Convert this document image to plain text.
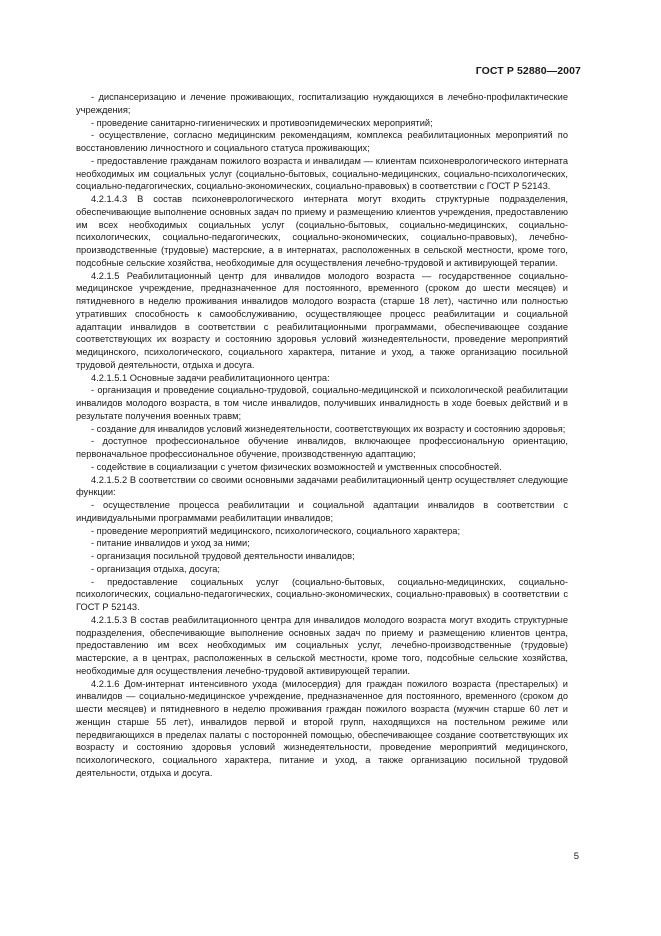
ГОСТ Р 52880—2007

- диспансеризацию и лечение проживающих, госпитализацию нуждающихся в лечебно-профилактические учреждения;

- проведение санитарно-гигиенических и противоэпидемических мероприятий;

- осуществление, согласно медицинским рекомендациям, комплекса реабилитационных мероприятий по восстановлению личностного и социального статуса проживающих;

- предоставление гражданам пожилого возраста и инвалидам — клиентам психоневрологического интерната необходимых им социальных услуг (социально-бытовых, социально-медицинских, социально-психологических, социально-педагогических, социально-экономических, социально-правовых) в соответствии с ГОСТ Р 52143.

4.2.1.4.3 В состав психоневрологического интерната могут входить структурные подразделения, обеспечивающие выполнение основных задач по приему и размещению клиентов учреждения, предоставлению им всех необходимых социальных услуг (социально-бытовых, социально-медицинских, социально-психологических, социально-педагогических, социально-экономических, социально-правовых), лечебно-производственные (трудовые) мастерские, а в интернатах, расположенных в сельской местности, кроме того, подсобные сельские хозяйства, необходимые для осуществления лечебно-трудовой и активирующей терапии.

4.2.1.5 Реабилитационный центр для инвалидов молодого возраста — государственное социально-медицинское учреждение, предназначенное для постоянного, временного (сроком до шести месяцев) и пятидневного в неделю проживания инвалидов молодого возраста (старше 18 лет), частично или полностью утративших способность к самообслуживанию, осуществляющее процесс реабилитации и социальной адаптации инвалидов в соответствии с реабилитационными программами, обеспечивающее создание соответствующих их возрасту и состоянию здоровья условий жизнедеятельности, проведение мероприятий медицинского, психологического, социального характера, питание и уход, а также организацию посильной трудовой деятельности, отдыха и досуга.

4.2.1.5.1 Основные задачи реабилитационного центра:

- организация и проведение социально-трудовой, социально-медицинской и психологической реабилитации инвалидов молодого возраста, в том числе инвалидов, получивших инвалидность в ходе боевых действий и в результате получения военных травм;

- создание для инвалидов условий жизнедеятельности, соответствующих их возрасту и состоянию здоровья;

- доступное профессиональное обучение инвалидов, включающее профессиональную ориентацию, первоначальное профессиональное обучение, производственную адаптацию;

- содействие в социализации с учетом физических возможностей и умственных способностей.

4.2.1.5.2 В соответствии со своими основными задачами реабилитационный центр осуществляет следующие функции:

- осуществление процесса реабилитации и социальной адаптации инвалидов в соответствии с индивидуальными программами реабилитации инвалидов;

- проведение мероприятий медицинского, психологического, социального характера;

- питание инвалидов и уход за ними;

- организация посильной трудовой деятельности инвалидов;

- организация отдыха, досуга;

- предоставление социальных услуг (социально-бытовых, социально-медицинских, социально-психологических, социально-педагогических, социально-экономических, социально-правовых) в соответствии с ГОСТ Р 52143.

4.2.1.5.3 В состав реабилитационного центра для инвалидов молодого возраста могут входить структурные подразделения, обеспечивающие выполнение основных задач по приему и размещению клиентов центра, предоставлению им всех необходимых им социальных услуг, лечебно-производственные (трудовые) мастерские, а в центрах, расположенных в сельской местности, кроме того, подсобные сельские хозяйства, необходимые для осуществления лечебно-трудовой активирующей терапии.

4.2.1.6 Дом-интернат интенсивного ухода (милосердия) для граждан пожилого возраста (престарелых) и инвалидов — социально-медицинское учреждение, предназначенное для постоянного, временного (сроком до шести месяцев) и пятидневного в неделю проживания граждан пожилого возраста (мужчин старше 60 лет и женщин старше 55 лет), инвалидов первой и второй групп, находящихся на постельном режиме или передвигающихся в пределах палаты с посторонней помощью, обеспечивающее создание соответствующих их возрасту и состоянию здоровья условий жизнедеятельности, проведение мероприятий медицинского, психологического, социального характера, питание и уход, а также организацию посильной трудовой деятельности, отдыха и досуга.

5
